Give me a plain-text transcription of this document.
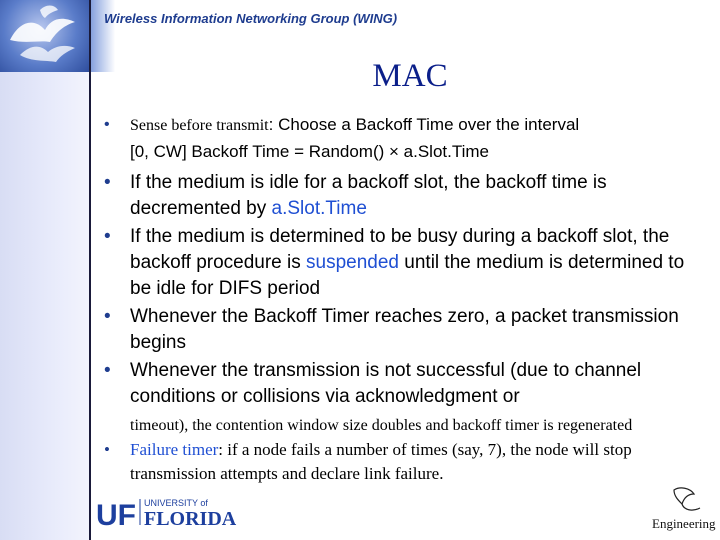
Wireless Information Networking Group (WING)
MAC
• Sense before transmit: Choose a Backoff Time over the interval
[0, CW] Backoff Time = Random() × a.Slot.Time
• If the medium is idle for a backoff slot, the backoff time is decremented by a.Slot.Time
• If the medium is determined to be busy during a backoff slot, the backoff procedure is suspended until the medium is determined to be idle for DIFS period
• Whenever the Backoff Timer reaches zero, a packet transmission begins
• Whenever the transmission is not successful (due to channel conditions or collisions via acknowledgment or
timeout), the contention window size doubles and backoff timer is regenerated
• Failure timer: if a node fails a number of times (say, 7), the node will stop transmission attempts and declare link failure.
UF UNIVERSITY of
FLORIDA	Engineering
